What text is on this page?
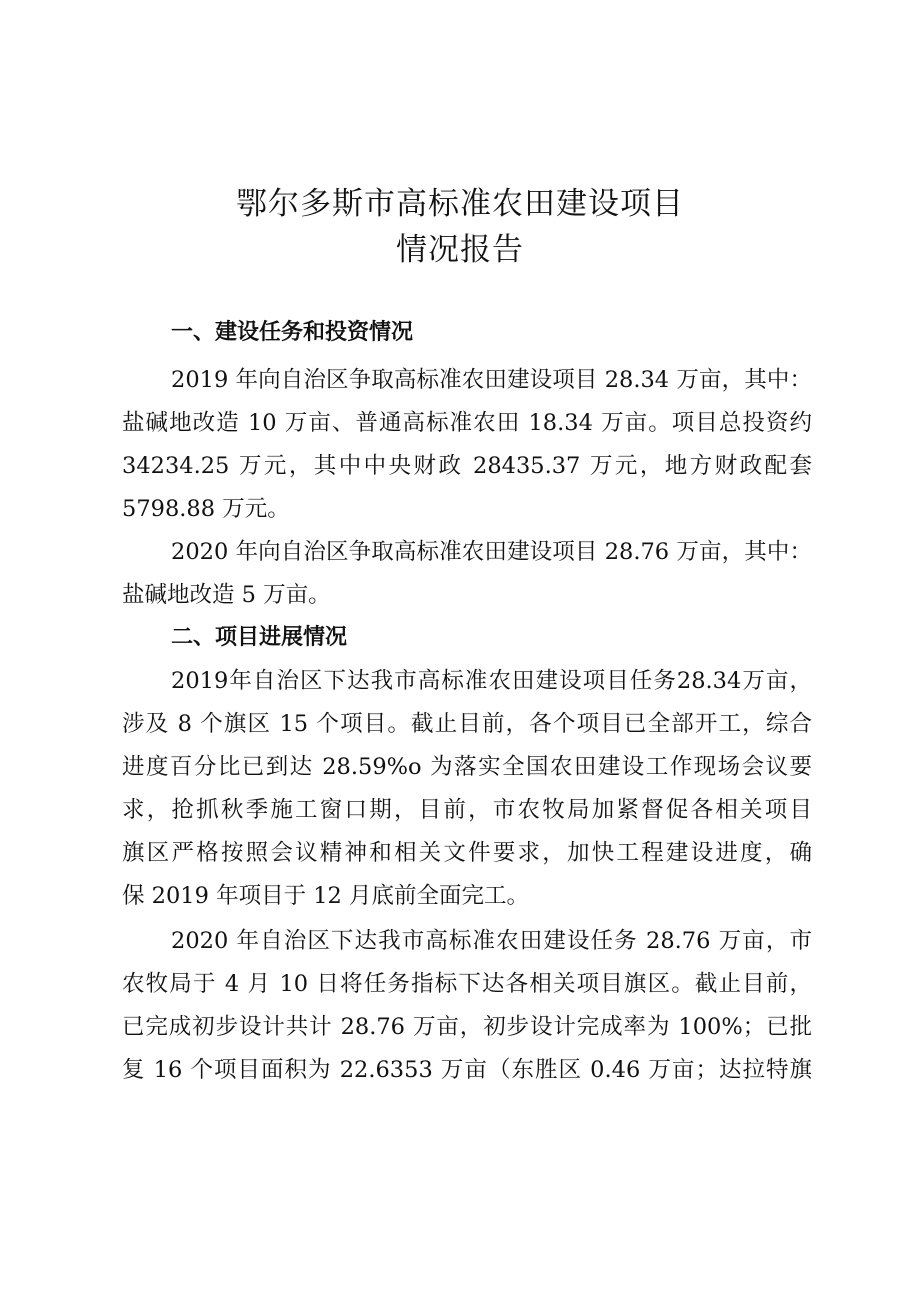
鄂尔多斯市高标准农田建设项目
情况报告
一、建设任务和投资情况
2019 年向自治区争取高标准农田建设项目 28.34 万亩，其中：
盐碱地改造 10 万亩、普通高标准农田 18.34 万亩。项目总投资约
34234.25 万元，其中中央财政 28435.37 万元，地方财政配套
5798.88 万元。
2020 年向自治区争取高标准农田建设项目 28.76 万亩，其中：
盐碱地改造 5 万亩。
二、项目进展情况
2019年自治区下达我市高标准农田建设项目任务28.34万亩，
涉及 8 个旗区 15 个项目。截止目前，各个项目已全部开工，综合
进度百分比已到达 28.59%o 为落实全国农田建设工作现场会议要
求，抢抓秋季施工窗口期，目前，市农牧局加紧督促各相关项目
旗区严格按照会议精神和相关文件要求，加快工程建设进度，确
保 2019 年项目于 12 月底前全面完工。
2020 年自治区下达我市高标准农田建设任务 28.76 万亩，市
农牧局于 4 月 10 日将任务指标下达各相关项目旗区。截止目前，
已完成初步设计共计 28.76 万亩，初步设计完成率为 100%；已批
复 16 个项目面积为 22.6353 万亩（东胜区 0.46 万亩；达拉特旗
